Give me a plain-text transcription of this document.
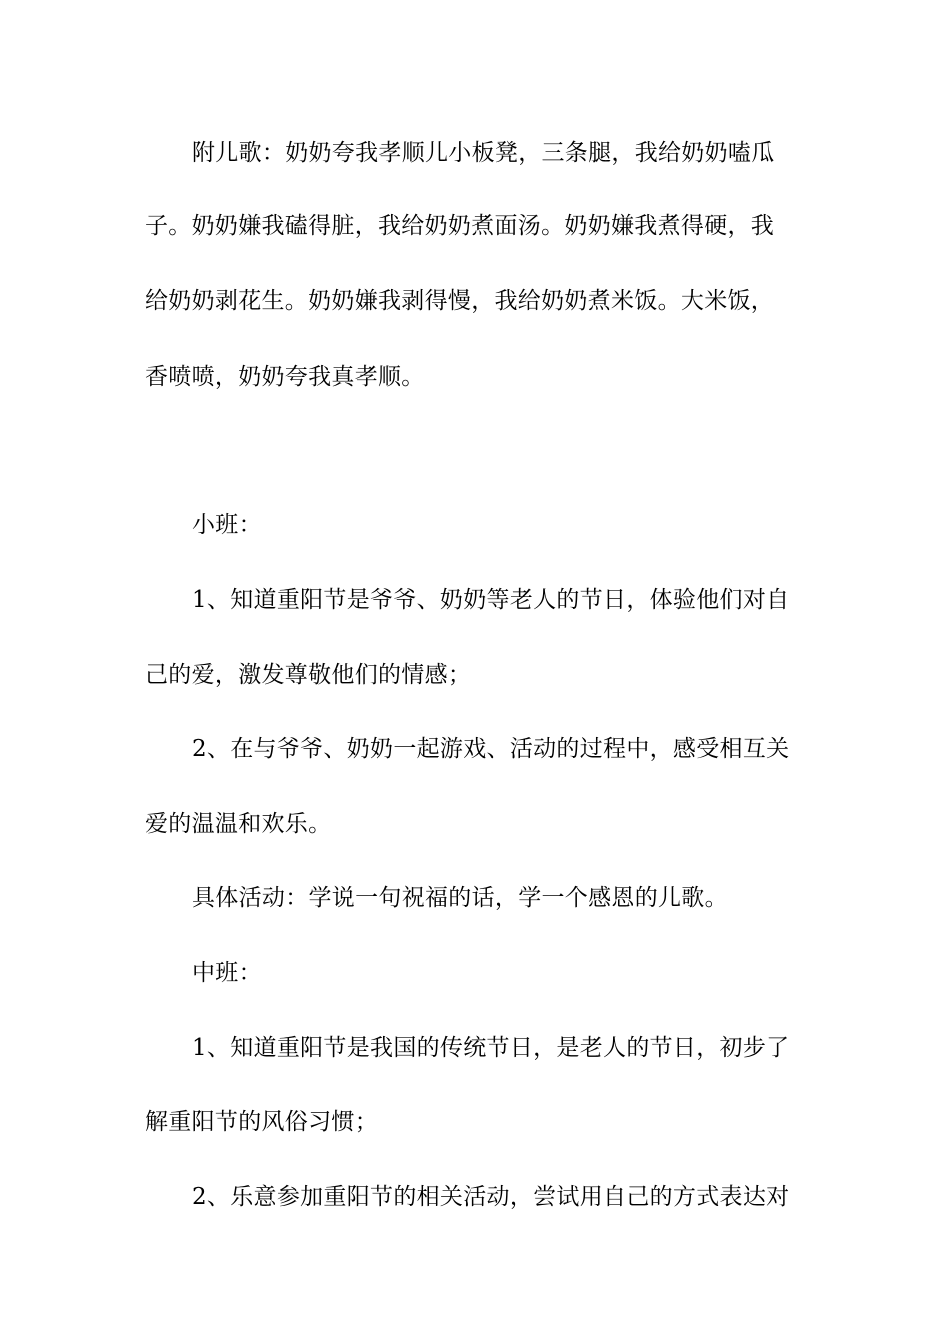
附儿歌：奶奶夸我孝顺儿小板凳，三条腿，我给奶奶嗑瓜
子。奶奶嫌我磕得脏，我给奶奶煮面汤。奶奶嫌我煮得硬，我
给奶奶剥花生。奶奶嫌我剥得慢，我给奶奶煮米饭。大米饭，
香喷喷，奶奶夸我真孝顺。
小班：
1、知道重阳节是爷爷、奶奶等老人的节日，体验他们对自
己的爱，激发尊敬他们的情感；
2、在与爷爷、奶奶一起游戏、活动的过程中，感受相互关
爱的温温和欢乐。
具体活动：学说一句祝福的话，学一个感恩的儿歌。
中班：
1、知道重阳节是我国的传统节日，是老人的节日，初步了
解重阳节的风俗习惯；
2、乐意参加重阳节的相关活动，尝试用自己的方式表达对
